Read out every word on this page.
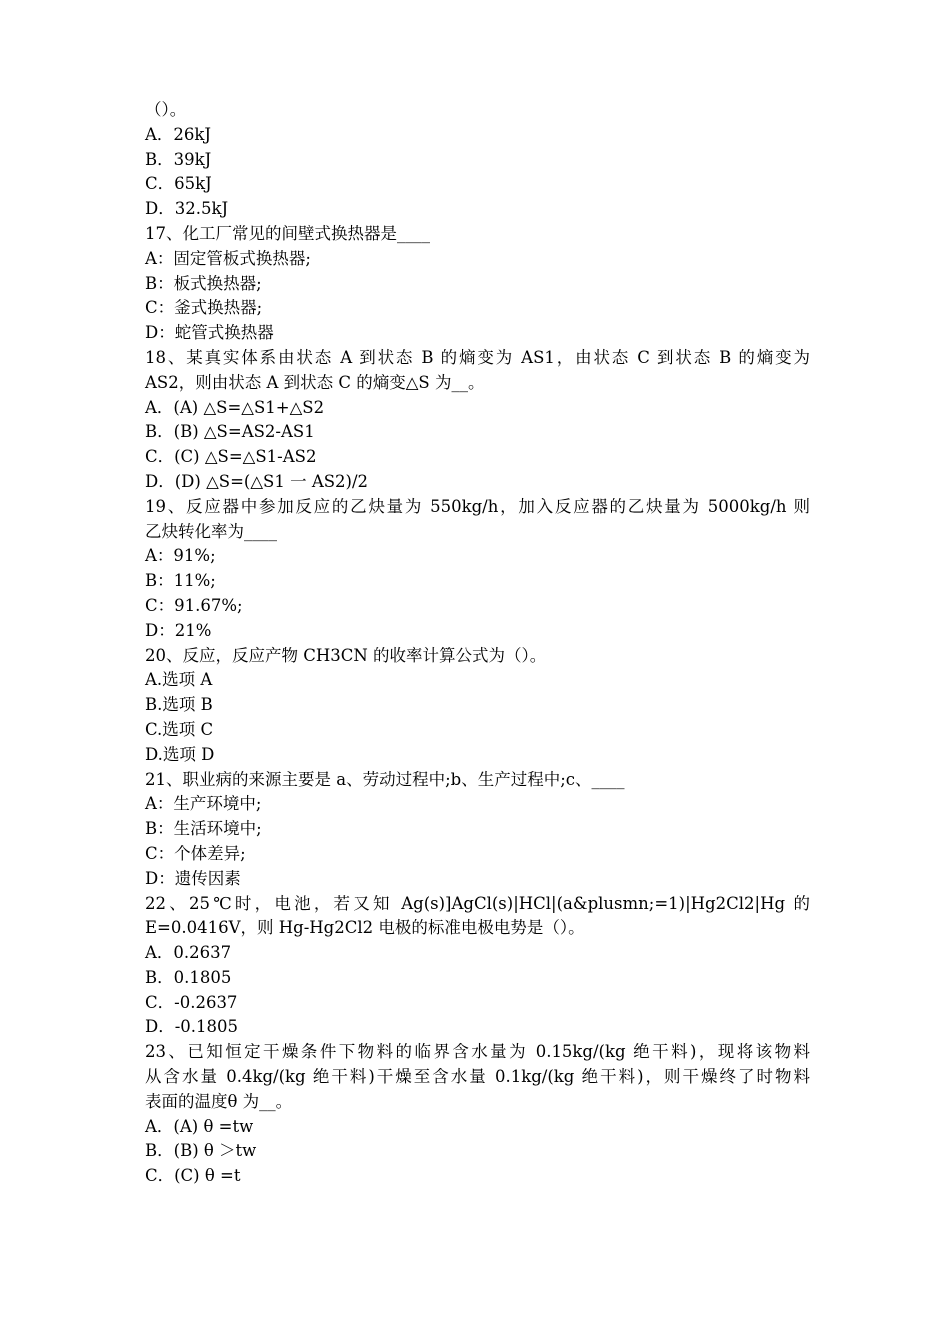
（）。
A．26kJ
B．39kJ
C．65kJ
D．32.5kJ
17、化工厂常见的间壁式换热器是____
A：固定管板式换热器;
B：板式换热器;
C：釜式换热器;
D：蛇管式换热器
18、某真实体系由状态 A 到状态 B 的熵变为 AS1，由状态 C 到状态 B 的熵变为
AS2，则由状态 A 到状态 C 的熵变△S 为__。
A．(A) △S=△S1+△S2
B．(B) △S=AS2-AS1
C．(C) △S=△S1-AS2
D．(D) △S=(△S1 一 AS2)/2
19、反应器中参加反应的乙炔量为 550kg/h，加入反应器的乙炔量为 5000kg/h 则
乙炔转化率为____
A：91%;
B：11%;
C：91.67%;
D：21%
20、反应，反应产物 CH3CN 的收率计算公式为（）。
A.选项 A
B.选项 B
C.选项 C
D.选项 D
21、职业病的来源主要是 a、劳动过程中;b、生产过程中;c、____
A：生产环境中;
B：生活环境中;
C：个体差异;
D：遗传因素
22、25℃时，电池，若又知 Ag(s)]AgCl(s)|HCl|(a&plusmn;=1)|Hg2Cl2|Hg 的
E=0.0416V，则 Hg-Hg2Cl2 电极的标准电极电势是（）。
A．0.2637
B．0.1805
C．-0.2637
D．-0.1805
23、已知恒定干燥条件下物料的临界含水量为 0.15kg/(kg 绝干料)，现将该物料
从含水量 0.4kg/(kg 绝干料)干燥至含水量 0.1kg/(kg 绝干料)，则干燥终了时物料
表面的温度θ 为__。
A．(A) θ =tw
B．(B) θ ＞tw
C．(C) θ =t
